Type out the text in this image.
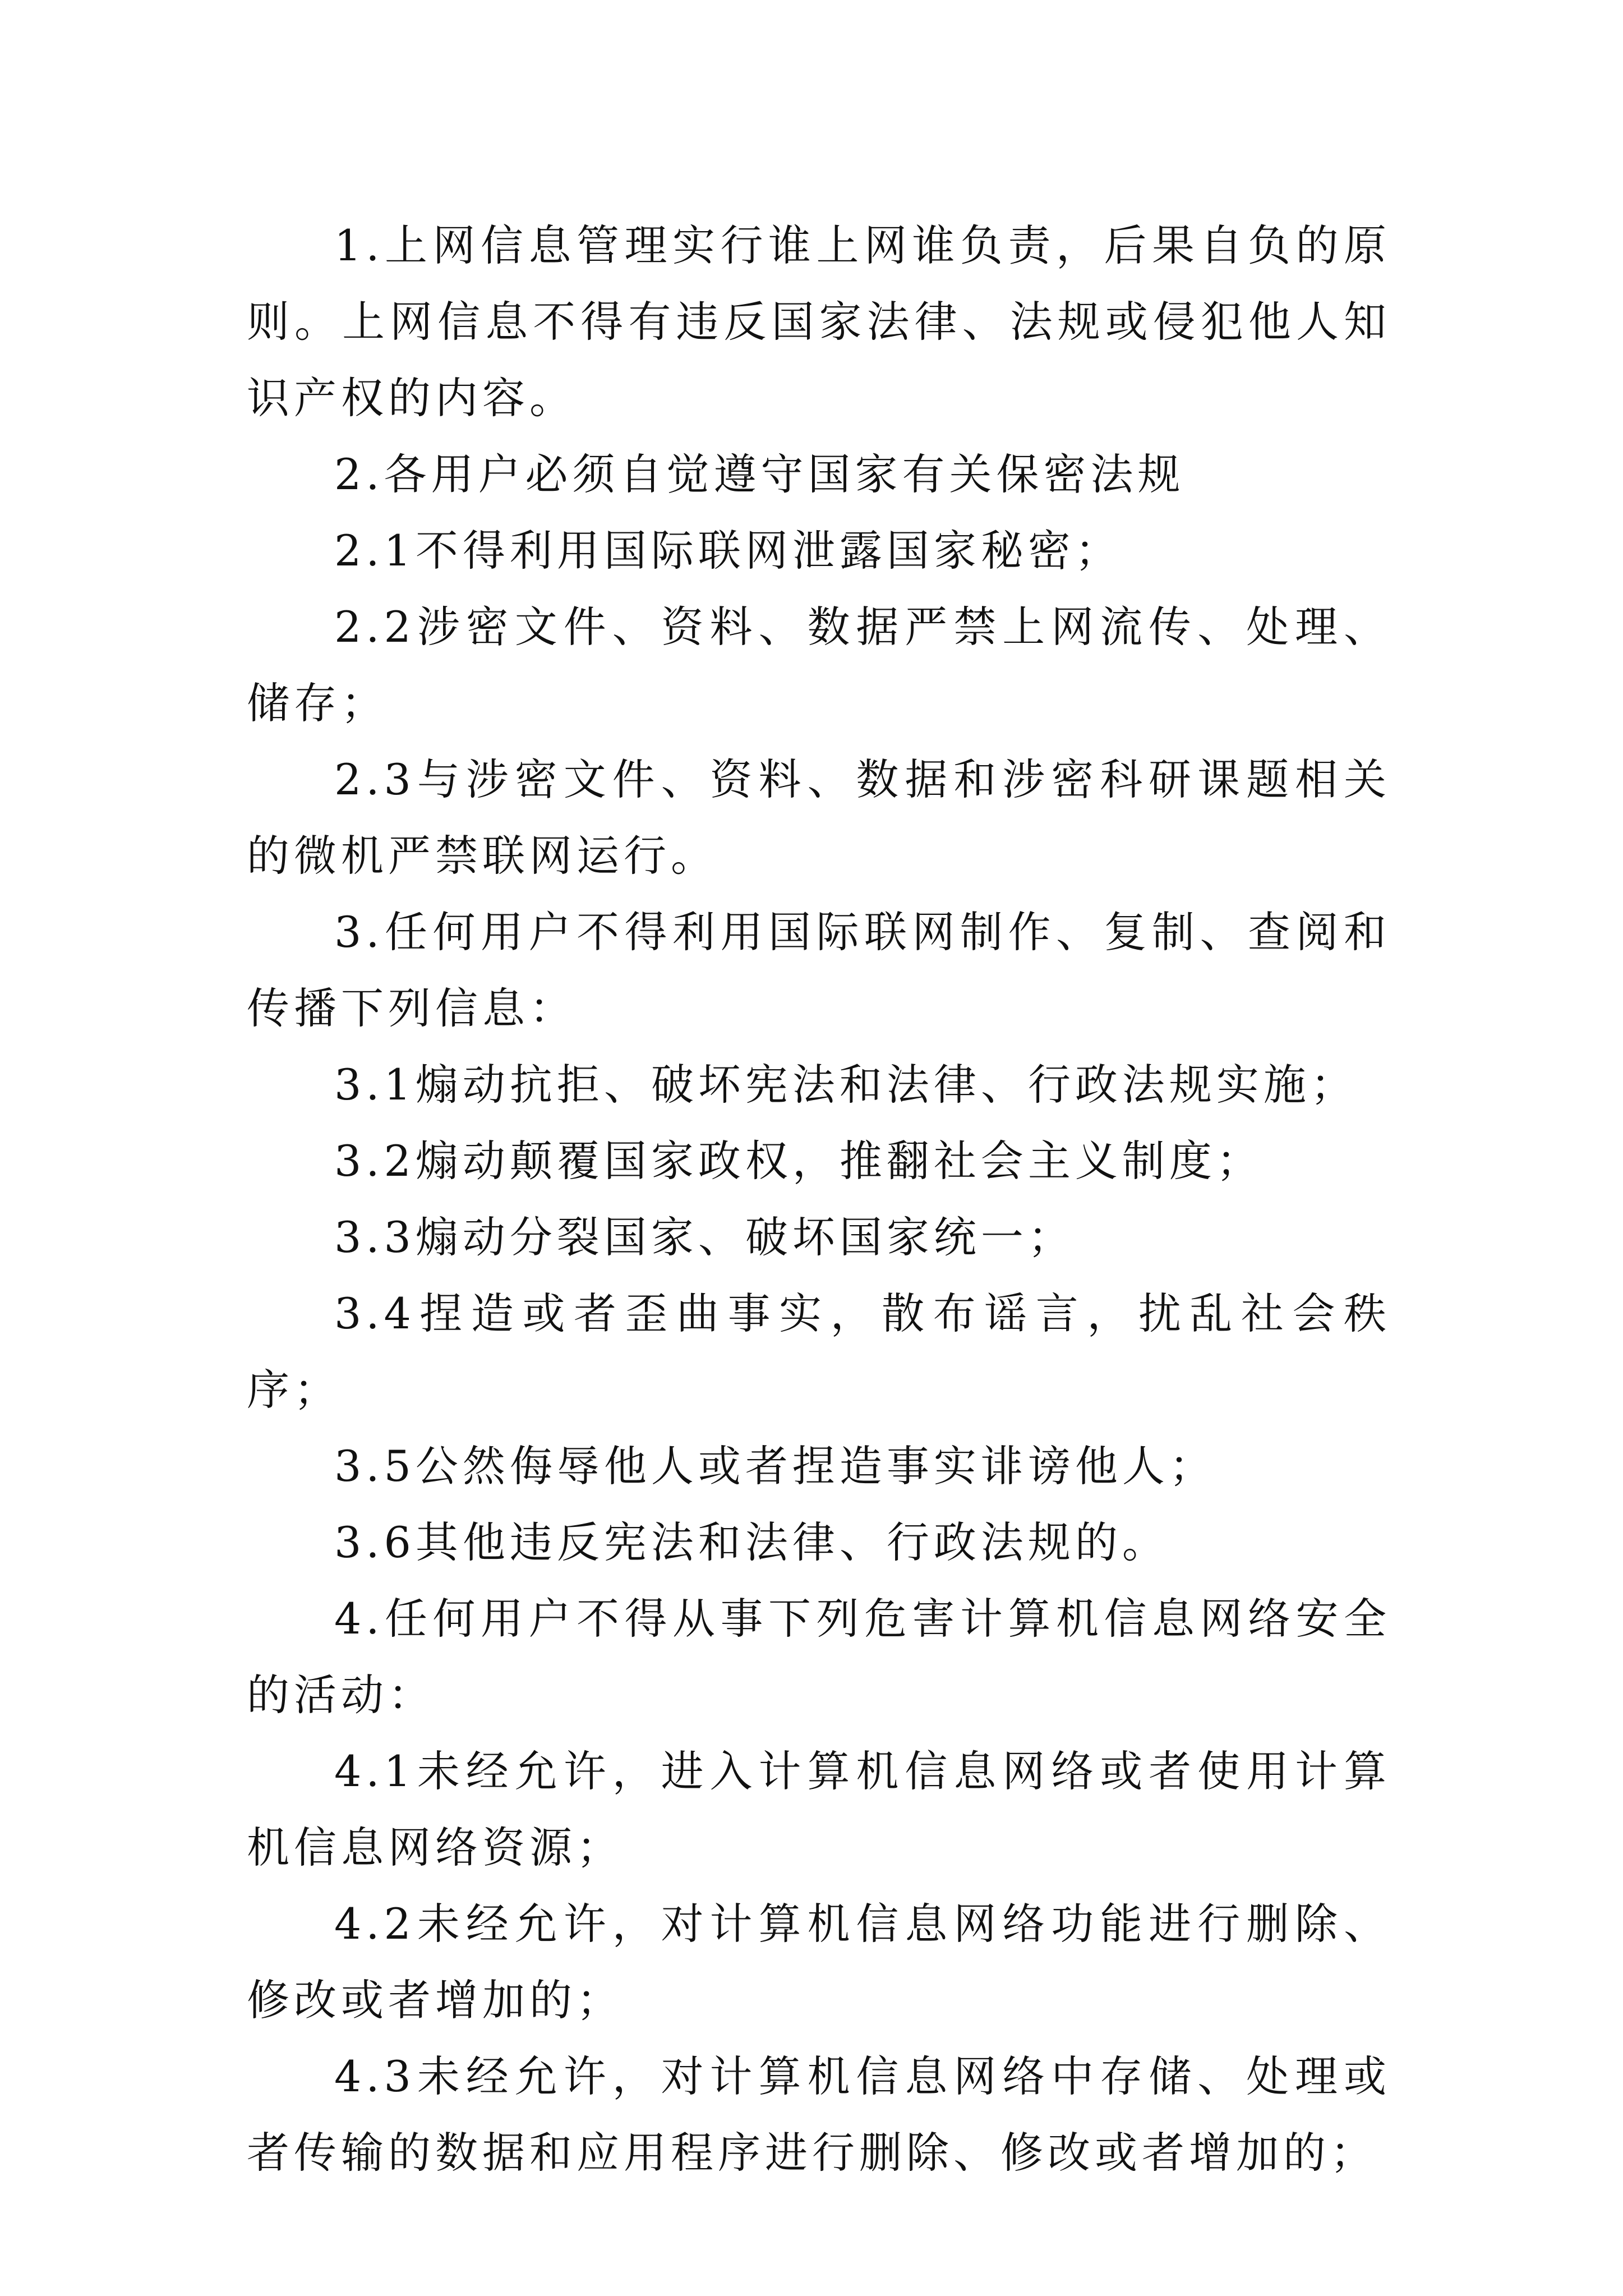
1.上网信息管理实行谁上网谁负责，后果自负的原则。上网信息不得有违反国家法律、法规或侵犯他人知识产权的内容。

2.各用户必须自觉遵守国家有关保密法规

2.1不得利用国际联网泄露国家秘密；

2.2涉密文件、资料、数据严禁上网流传、处理、储存；

2.3与涉密文件、资料、数据和涉密科研课题相关的微机严禁联网运行。

3.任何用户不得利用国际联网制作、复制、查阅和传播下列信息：

3.1煽动抗拒、破坏宪法和法律、行政法规实施；

3.2煽动颠覆国家政权，推翻社会主义制度；

3.3煽动分裂国家、破坏国家统一；

3.4捏造或者歪曲事实，散布谣言，扰乱社会秩序；

3.5公然侮辱他人或者捏造事实诽谤他人；

3.6其他违反宪法和法律、行政法规的。

4.任何用户不得从事下列危害计算机信息网络安全的活动：

4.1未经允许，进入计算机信息网络或者使用计算机信息网络资源；

4.2未经允许，对计算机信息网络功能进行删除、修改或者增加的；

4.3未经允许，对计算机信息网络中存储、处理或者传输的数据和应用程序进行删除、修改或者增加的；
